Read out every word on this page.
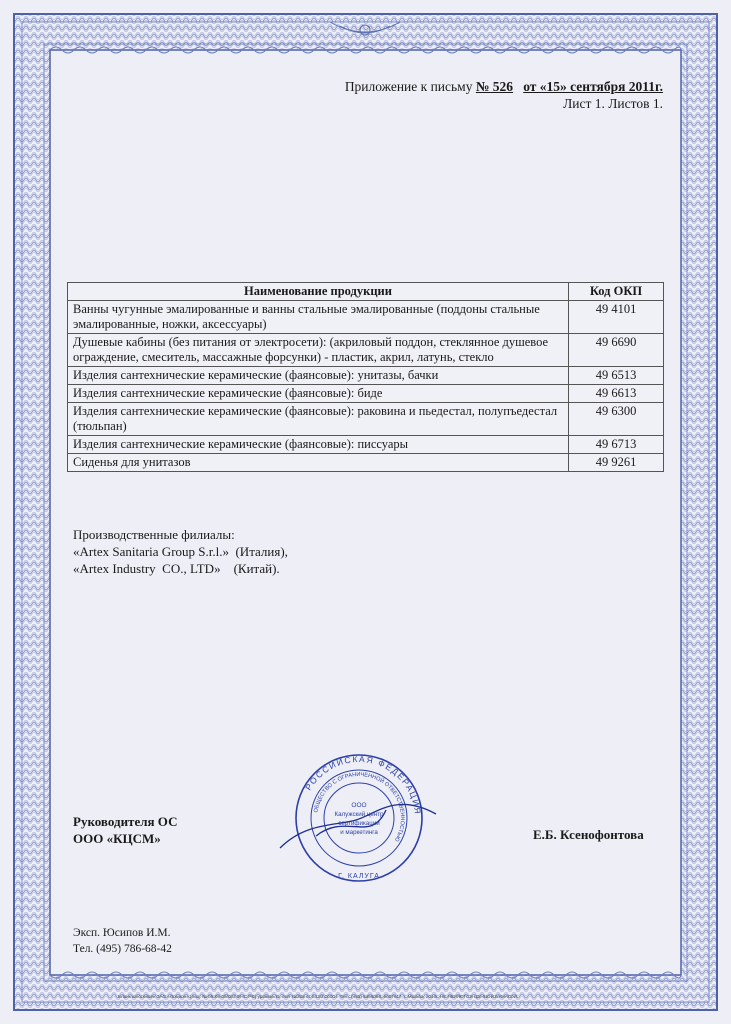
Приложение к письму № 526 от «15» сентября 2011г.
Лист 1. Листов 1.
Наименование продукции	Код ОКП
Ванны чугунные эмалированные и ванны стальные эмалированные (поддоны стальные эмалированные, ножки, аксессуары)	49 4101
Душевые кабины (без питания от электросети): (акриловый поддон, стеклянное душевое ограждение, смеситель, массажные форсунки) - пластик, акрил, латунь, стекло	49 6690
Изделия сантехнические керамические (фаянсовые): унитазы, бачки	49 6513
Изделия сантехнические керамические (фаянсовые): биде	49 6613
Изделия сантехнические керамические (фаянсовые): раковина и пьедестал, полупъедестал (тюльпан)	49 6300
Изделия сантехнические керамические (фаянсовые): писсуары	49 6713
Сиденья для унитазов	49 9261
Производственные филиалы:
«Artex Sanitaria Group S.r.l.»  (Италия),
«Artex Industry  CO., LTD»    (Китай).
Руководителя ОС
ООО «КЦСМ»	Е.Б. Ксенофонтова
РОССИЙСКАЯ ФЕДЕРАЦИЯ
ОБЩЕСТВО С ОГРАНИЧЕННОЙ ОТВЕТСТВЕННОСТЬЮ
Г. КАЛУГА
ООО
Калужский центр
сертификации
и маркетинга
Эксп. Юсипов И.М.
Тел. (495) 786-68-42
Бланк изготовлен ЗАО «Опцион» (лиц. № 05-05-09/003 ФНС РФ) уровень В, счет №206 от 03.03.2010 г. Тел.: (495) 6466068, 6087617, г. Москва, 2010г. НЕ ЯВЛЯЕТСЯ ЦЕННОЙ БУМАГОЙ.
